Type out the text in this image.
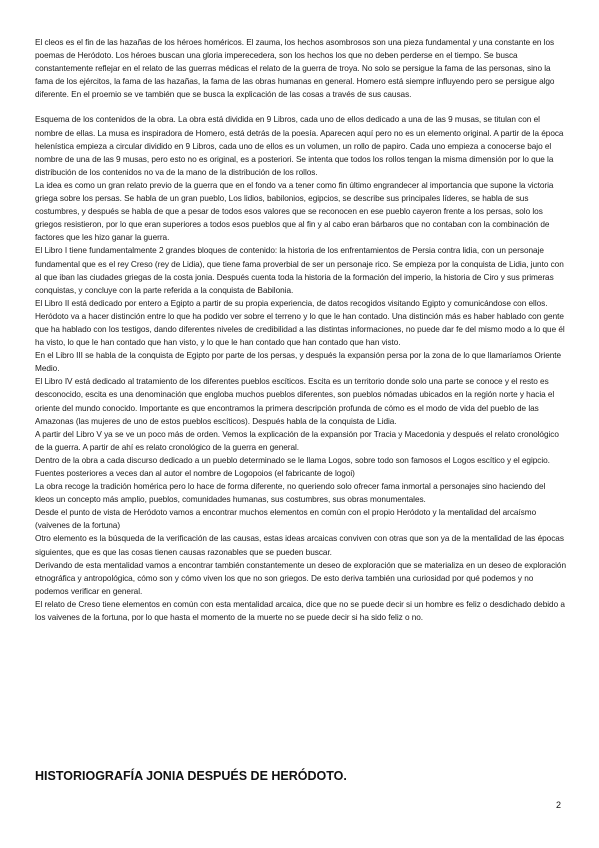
El cleos es el fin de las hazañas de los héroes homéricos. El zauma, los hechos asombrosos son una pieza fundamental y una constante en los poemas de Heródoto. Los héroes buscan una gloria imperecedera, son los hechos los que no deben perderse en el tiempo. Se busca constantemente reflejar en el relato de las guerras médicas el relato de la guerra de troya. No solo se persigue la fama de las personas, sino la fama de los ejércitos, la fama de las hazañas, la fama de las obras humanas en general. Homero está siempre influyendo pero se persigue algo diferente. En el proemio se ve también que se busca la explicación de las cosas a través de sus causas.

Esquema de los contenidos de la obra. La obra está dividida en 9 Libros, cada uno de ellos dedicado a una de las 9 musas, se titulan con el nombre de ellas. La musa es inspiradora de Homero, está detrás de la poesía. Aparecen aquí pero no es un elemento original. A partir de la época helenística empieza a circular dividido en 9 Libros, cada uno de ellos es un volumen, un rollo de papiro. Cada uno empieza a conocerse bajo el nombre de una de las 9 musas, pero esto no es original, es a posteriori. Se intenta que todos los rollos tengan la misma dimensión por lo que la distribución de los contenidos no va de la mano de la distribución de los rollos.

La idea es como un gran relato previo de la guerra que en el fondo va a tener como fin último engrandecer al importancia que supone la victoria griega sobre los persas. Se habla de un gran pueblo, Los lidios, babilonios, egipcios, se describe sus principales líderes, se habla de sus costumbres, y después se habla de que a pesar de todos esos valores que se reconocen en ese pueblo cayeron frente a los persas, solo los griegos resistieron, por lo que eran superiores a todos esos pueblos que al fin y al cabo eran bárbaros que no contaban con la combinación de factores que les hizo ganar la guerra.

El Libro I tiene fundamentalmente 2 grandes bloques de contenido: la historia de los enfrentamientos de Persia contra lidia, con un personaje fundamental que es el rey Creso (rey de Lidia), que tiene fama proverbial de ser un personaje rico. Se empieza por la conquista de Lidia, junto con al que iban las ciudades griegas de la costa jonia. Después cuenta toda la historia de la formación del imperio, la historia de Ciro y sus primeras conquistas, y concluye con la parte referida a la conquista de Babilonia.

El Libro II está dedicado por entero a Egipto a partir de su propia experiencia, de datos recogidos visitando Egipto y comunicándose con ellos. Heródoto va a hacer distinción entre lo que ha podido ver sobre el terreno y lo que le han contado. Una distinción más es haber hablado con gente que ha hablado con los testigos, dando diferentes niveles de credibilidad a las distintas informaciones, no puede dar fe del mismo modo a lo que él ha visto, lo que le han contado que han visto, y lo que le han contado que han contado que han visto.

En el Libro III se habla de la conquista de Egipto por parte de los persas, y después la expansión persa por la zona de lo que llamaríamos Oriente Medio.

El Libro IV está dedicado al tratamiento de los diferentes pueblos escíticos. Escita es un territorio donde solo una parte se conoce y el resto es desconocido, escita es una denominación que engloba muchos pueblos diferentes, son pueblos nómadas ubicados en la región norte y hacia el oriente del mundo conocido. Importante es que encontramos la primera descripción profunda de cómo es el modo de vida del pueblo de las Amazonas (las mujeres de uno de estos pueblos escíticos). Después habla de la conquista de Lidia.

A partir del Libro V ya se ve un poco más de orden. Vemos la explicación de la expansión por Tracia y Macedonia y después el relato cronológico de la guerra. A partir de ahí es relato cronológico de la guerra en general.

Dentro de la obra a cada discurso dedicado a un pueblo determinado se le llama Logos, sobre todo son famosos el Logos escítico y el egipcio. Fuentes posteriores a veces dan al autor el nombre de Logopoios (el fabricante de logoi)

La obra recoge la tradición homérica pero lo hace de forma diferente, no queriendo solo ofrecer fama inmortal a personajes sino haciendo del kleos un concepto más amplio, pueblos, comunidades humanas, sus costumbres, sus obras monumentales.

Desde el punto de vista de Heródoto vamos a encontrar muchos elementos en común con el propio Heródoto y la mentalidad del arcaísmo (vaivenes de la fortuna)

Otro elemento es la búsqueda de la verificación de las causas, estas ideas arcaicas conviven con otras que son ya de la mentalidad de las épocas siguientes, que es que las cosas tienen causas razonables que se pueden buscar.

Derivando de esta mentalidad vamos a encontrar también constantemente un deseo de exploración que se materializa en un deseo de exploración etnográfica y antropológica, cómo son y cómo viven los que no son griegos. De esto deriva también una curiosidad por qué podemos y no podemos verificar en general.

El relato de Creso tiene elementos en común con esta mentalidad arcaica, dice que no se puede decir si un hombre es feliz o desdichado debido a los vaivenes de la fortuna, por lo que hasta el momento de la muerte no se puede decir si ha sido feliz o no.

HISTORIOGRAFÍA JONIA DESPUÉS DE HERÓDOTO.
2
